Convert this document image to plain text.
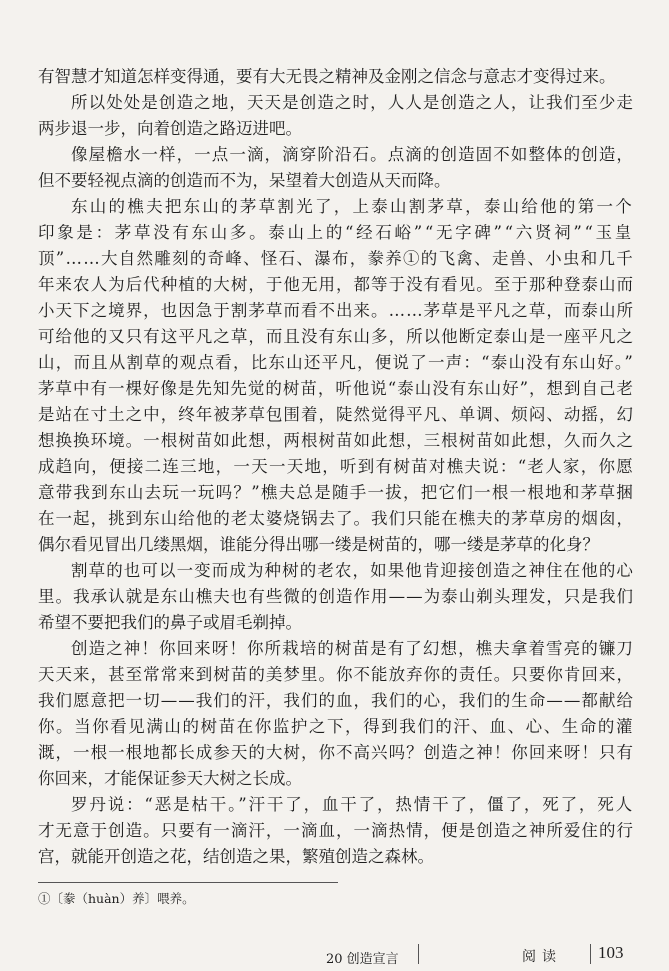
有智慧才知道怎样变得通，要有大无畏之精神及金刚之信念与意志才变得过来。
所以处处是创造之地，天天是创造之时，人人是创造之人，让我们至少走
两步退一步，向着创造之路迈进吧。
像屋檐水一样，一点一滴，滴穿阶沿石。点滴的创造固不如整体的创造，
但不要轻视点滴的创造而不为，呆望着大创造从天而降。
东山的樵夫把东山的茅草割光了，上泰山割茅草，泰山给他的第一个
印象是：茅草没有东山多。泰山上的“经石峪”“无字碑”“六贤祠”“玉皇
顶”……大自然雕刻的奇峰、怪石、瀑布，豢养①的飞禽、走兽、小虫和几千
年来农人为后代种植的大树，于他无用，都等于没有看见。至于那种登泰山而
小天下之境界，也因急于割茅草而看不出来。……茅草是平凡之草，而泰山所
可给他的又只有这平凡之草，而且没有东山多，所以他断定泰山是一座平凡之
山，而且从割草的观点看，比东山还平凡，便说了一声：“泰山没有东山好。”
茅草中有一棵好像是先知先觉的树苗，听他说“泰山没有东山好”，想到自己老
是站在寸土之中，终年被茅草包围着，陡然觉得平凡、单调、烦闷、动摇，幻
想换换环境。一根树苗如此想，两根树苗如此想，三根树苗如此想，久而久之
成趋向，便接二连三地，一天一天地，听到有树苗对樵夫说：“老人家，你愿
意带我到东山去玩一玩吗？”樵夫总是随手一拔，把它们一根一根地和茅草捆
在一起，挑到东山给他的老太婆烧锅去了。我们只能在樵夫的茅草房的烟囱，
偶尔看见冒出几缕黑烟，谁能分得出哪一缕是树苗的，哪一缕是茅草的化身？
割草的也可以一变而成为种树的老农，如果他肯迎接创造之神住在他的心
里。我承认就是东山樵夫也有些微的创造作用——为泰山剃头理发，只是我们
希望不要把我们的鼻子或眉毛剃掉。
创造之神！你回来呀！你所栽培的树苗是有了幻想，樵夫拿着雪亮的镰刀
天天来，甚至常常来到树苗的美梦里。你不能放弃你的责任。只要你肯回来，
我们愿意把一切——我们的汗，我们的血，我们的心，我们的生命——都献给
你。当你看见满山的树苗在你监护之下，得到我们的汗、血、心、生命的灌
溉，一根一根地都长成参天的大树，你不高兴吗？创造之神！你回来呀！只有
你回来，才能保证参天大树之长成。
罗丹说：“恶是枯干。”汗干了，血干了，热情干了，僵了，死了，死人
才无意于创造。只要有一滴汗，一滴血，一滴热情，便是创造之神所爱住的行
宫，就能开创造之花，结创造之果，繁殖创造之森林。
①〔豢（huàn）养〕喂养。
20 创造宣言	阅读 103
